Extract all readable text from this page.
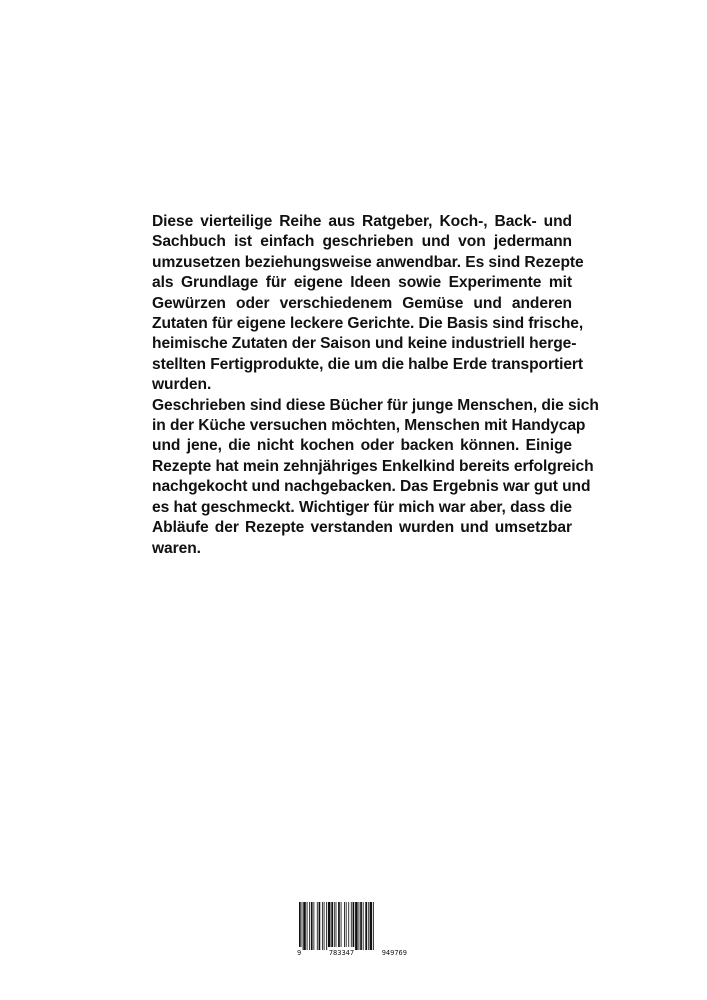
Diese vierteilige Reihe aus Ratgeber, Koch-, Back- und
Sachbuch ist einfach geschrieben und von jedermann
umzusetzen beziehungsweise anwendbar. Es sind Rezepte
als Grundlage für eigene Ideen sowie Experimente mit
Gewürzen oder verschiedenem Gemüse und anderen
Zutaten für eigene leckere Gerichte. Die Basis sind frische,
heimische Zutaten der Saison und keine industriell herge-
stellten Fertigprodukte, die um die halbe Erde transportiert
wurden.
Geschrieben sind diese Bücher für junge Menschen, die sich
in der Küche versuchen möchten, Menschen mit Handycap
und jene, die nicht kochen oder backen können. Einige
Rezepte hat mein zehnjähriges Enkelkind bereits erfolgreich
nachgekocht und nachgebacken. Das Ergebnis war gut und
es hat geschmeckt. Wichtiger für mich war aber, dass die
Abläufe der Rezepte verstanden wurden und umsetzbar
waren.
9	783347	949769
